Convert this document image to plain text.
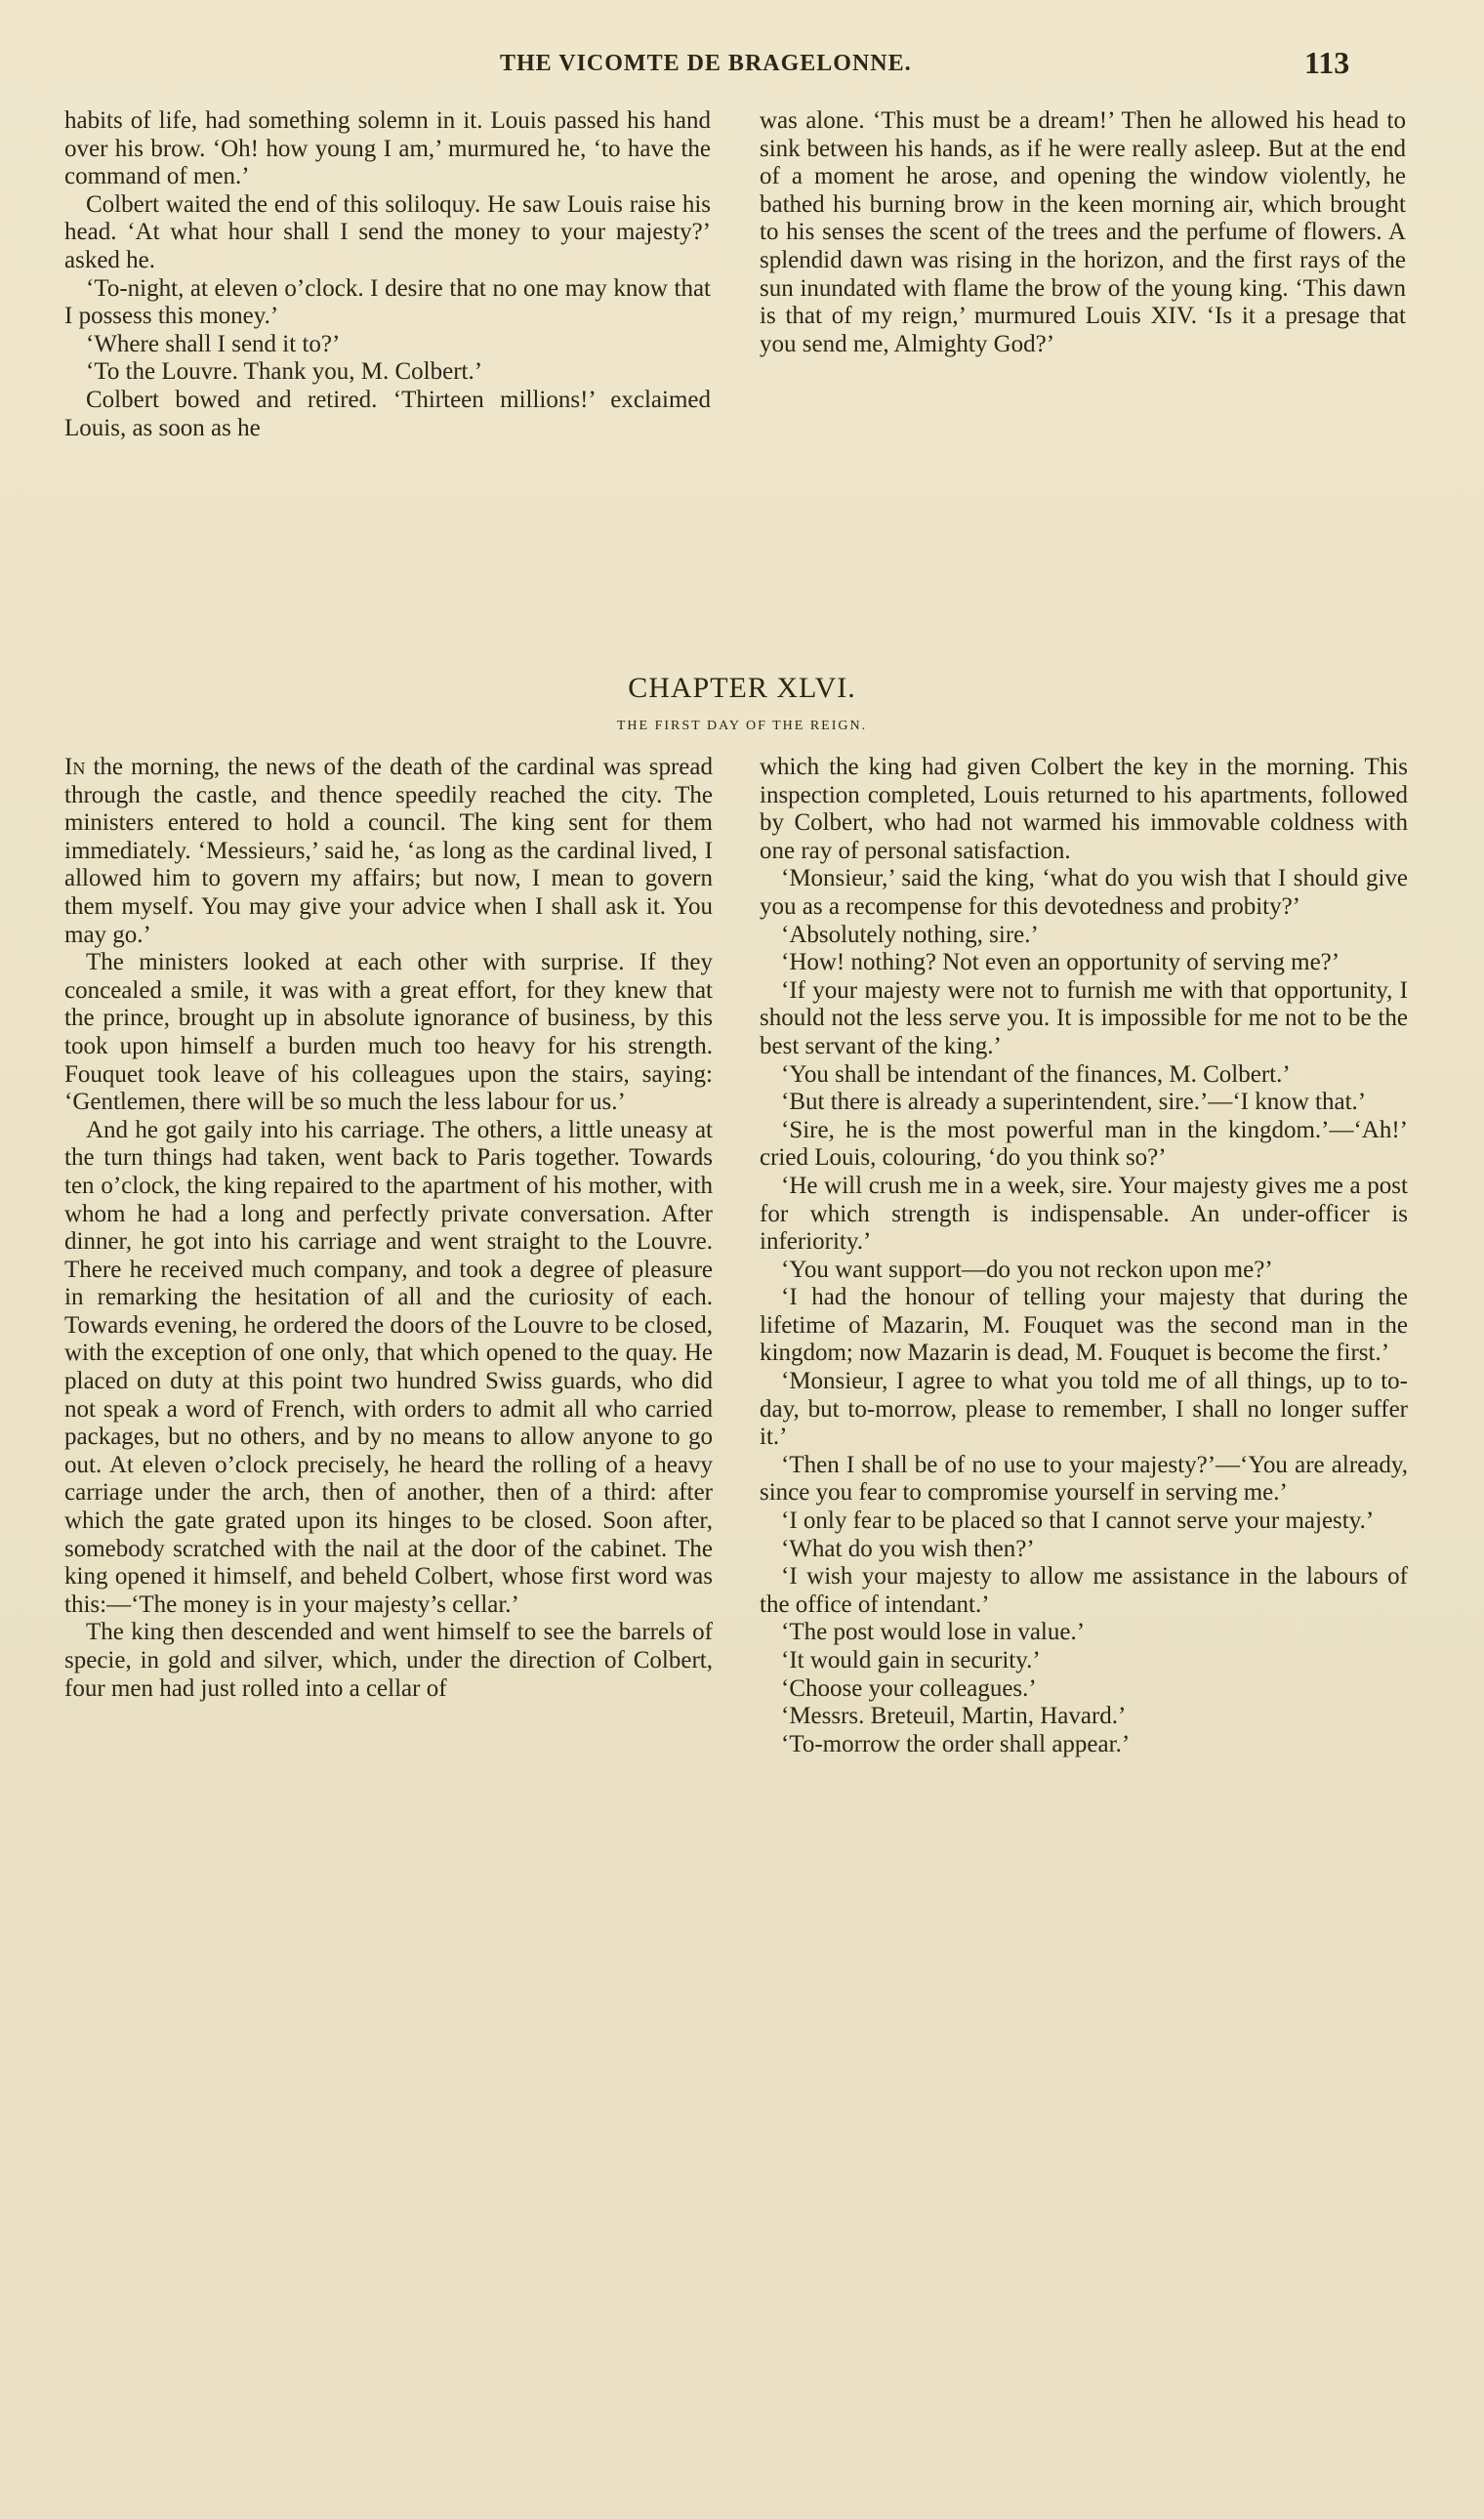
THE VICOMTE DE BRAGELONNE.	113

habits of life, had something solemn in it. Louis passed his hand over his brow. ‘Oh! how young I am,’ murmured he, ‘to have the command of men.’

Colbert waited the end of this soliloquy. He saw Louis raise his head. ‘At what hour shall I send the money to your majesty?’ asked he.

‘To-night, at eleven o’clock. I desire that no one may know that I possess this money.’

‘Where shall I send it to?’

‘To the Louvre. Thank you, M. Colbert.’

Colbert bowed and retired. ‘Thirteen millions!’ exclaimed Louis, as soon as he

was alone. ‘This must be a dream!’ Then he allowed his head to sink between his hands, as if he were really asleep. But at the end of a moment he arose, and opening the window violently, he bathed his burning brow in the keen morning air, which brought to his senses the scent of the trees and the perfume of flowers. A splendid dawn was rising in the horizon, and the first rays of the sun inundated with flame the brow of the young king. ‘This dawn is that of my reign,’ murmured Louis XIV. ‘Is it a presage that you send me, Almighty God?’

CHAPTER XLVI.
THE FIRST DAY OF THE REIGN.

In the morning, the news of the death of the cardinal was spread through the castle, and thence speedily reached the city. The ministers entered to hold a council. The king sent for them immediately. ‘Messieurs,’ said he, ‘as long as the cardinal lived, I allowed him to govern my affairs; but now, I mean to govern them myself. You may give your advice when I shall ask it. You may go.’

The ministers looked at each other with surprise. If they concealed a smile, it was with a great effort, for they knew that the prince, brought up in absolute ignorance of business, by this took upon himself a burden much too heavy for his strength. Fouquet took leave of his colleagues upon the stairs, saying: ‘Gentlemen, there will be so much the less labour for us.’

And he got gaily into his carriage. The others, a little uneasy at the turn things had taken, went back to Paris together. Towards ten o’clock, the king repaired to the apartment of his mother, with whom he had a long and perfectly private conversation. After dinner, he got into his carriage and went straight to the Louvre. There he received much company, and took a degree of pleasure in remarking the hesitation of all and the curiosity of each. Towards evening, he ordered the doors of the Louvre to be closed, with the exception of one only, that which opened to the quay. He placed on duty at this point two hundred Swiss guards, who did not speak a word of French, with orders to admit all who carried packages, but no others, and by no means to allow anyone to go out. At eleven o’clock precisely, he heard the rolling of a heavy carriage under the arch, then of another, then of a third: after which the gate grated upon its hinges to be closed. Soon after, somebody scratched with the nail at the door of the cabinet. The king opened it himself, and beheld Colbert, whose first word was this:—‘The money is in your majesty’s cellar.’

The king then descended and went himself to see the barrels of specie, in gold and silver, which, under the direction of Colbert, four men had just rolled into a cellar of

which the king had given Colbert the key in the morning. This inspection completed, Louis returned to his apartments, followed by Colbert, who had not warmed his immovable coldness with one ray of personal satisfaction.

‘Monsieur,’ said the king, ‘what do you wish that I should give you as a recompense for this devotedness and probity?’

‘Absolutely nothing, sire.’

‘How! nothing? Not even an opportunity of serving me?’

‘If your majesty were not to furnish me with that opportunity, I should not the less serve you. It is impossible for me not to be the best servant of the king.’

‘You shall be intendant of the finances, M. Colbert.’

‘But there is already a superintendent, sire.’—‘I know that.’

‘Sire, he is the most powerful man in the kingdom.’—‘Ah!’ cried Louis, colouring, ‘do you think so?’

‘He will crush me in a week, sire. Your majesty gives me a post for which strength is indispensable. An under-officer is inferiority.’

‘You want support—do you not reckon upon me?’

‘I had the honour of telling your majesty that during the lifetime of Mazarin, M. Fouquet was the second man in the kingdom; now Mazarin is dead, M. Fouquet is become the first.’

‘Monsieur, I agree to what you told me of all things, up to to-day, but to-morrow, please to remember, I shall no longer suffer it.’

‘Then I shall be of no use to your majesty?’—‘You are already, since you fear to compromise yourself in serving me.’

‘I only fear to be placed so that I cannot serve your majesty.’

‘What do you wish then?’

‘I wish your majesty to allow me assistance in the labours of the office of intendant.’

‘The post would lose in value.’

‘It would gain in security.’

‘Choose your colleagues.’

‘Messrs. Breteuil, Martin, Havard.’

‘To-morrow the order shall appear.’
